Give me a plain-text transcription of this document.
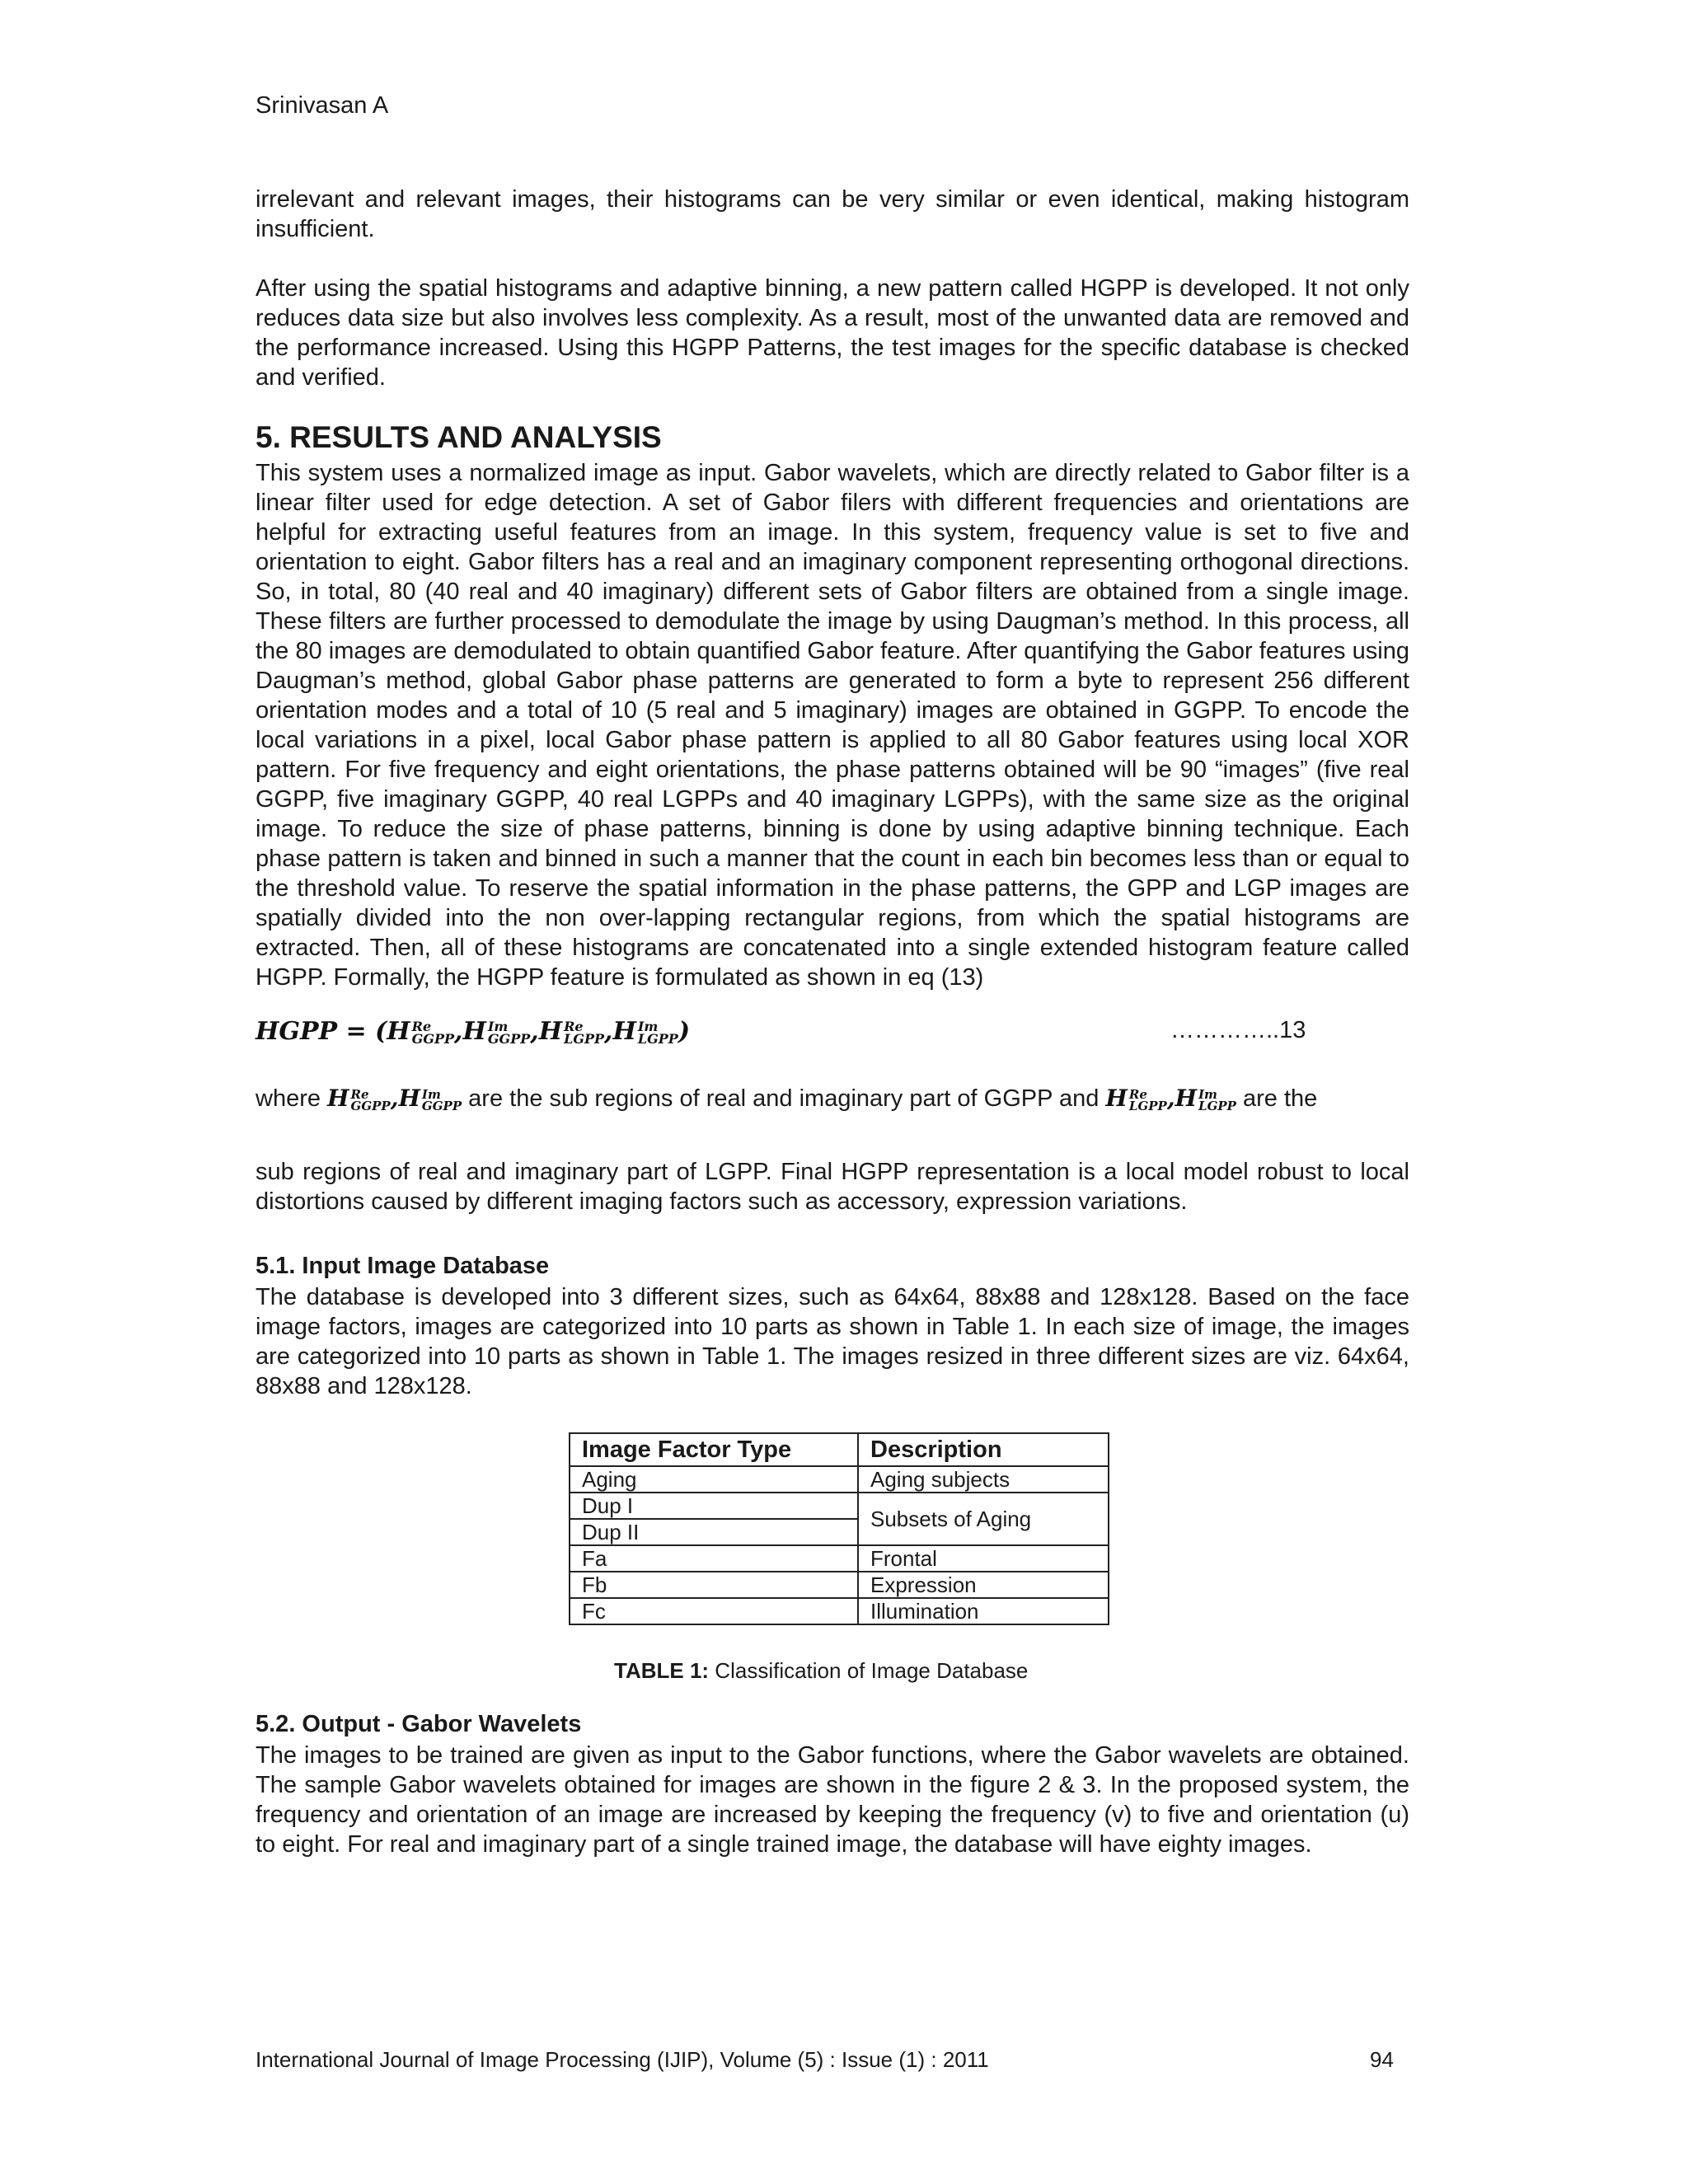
Srinivasan A

irrelevant and relevant images, their histograms can be very similar or even identical, making histogram insufficient.

After using the spatial histograms and adaptive binning, a new pattern called HGPP is developed. It not only reduces data size but also involves less complexity. As a result, most of the unwanted data are removed and the performance increased. Using this HGPP Patterns, the test images for the specific database is checked and verified.

5. RESULTS AND ANALYSIS

This system uses a normalized image as input. Gabor wavelets, which are directly related to Gabor filter is a linear filter used for edge detection. A set of Gabor filers with different frequencies and orientations are helpful for extracting useful features from an image. In this system, frequency value is set to five and orientation to eight. Gabor filters has a real and an imaginary component representing orthogonal directions. So, in total, 80 (40 real and 40 imaginary) different sets of Gabor filters are obtained from a single image. These filters are further processed to demodulate the image by using Daugman’s method. In this process, all the 80 images are demodulated to obtain quantified Gabor feature. After quantifying the Gabor features using Daugman’s method, global Gabor phase patterns are generated to form a byte to represent 256 different orientation modes and a total of 10 (5 real and 5 imaginary) images are obtained in GGPP. To encode the local variations in a pixel, local Gabor phase pattern is applied to all 80 Gabor features using local XOR pattern. For five frequency and eight orientations, the phase patterns obtained will be 90 “images” (five real GGPP, five imaginary GGPP, 40 real LGPPs and 40 imaginary LGPPs), with the same size as the original image. To reduce the size of phase patterns, binning is done by using adaptive binning technique. Each phase pattern is taken and binned in such a manner that the count in each bin becomes less than or equal to the threshold value. To reserve the spatial information in the phase patterns, the GPP and LGP images are spatially divided into the non over-lapping rectangular regions, from which the spatial histograms are extracted. Then, all of these histograms are concatenated into a single extended histogram feature called HGPP. Formally, the HGPP feature is formulated as shown in eq (13)

HGPP = (H Re
GGPP ,H Im
GGPP ,H Re
LGPP ,H Im
LGPP )	…………..13
where H Re
GGPP ,H Im
GGPP are the sub regions of real and imaginary part of GGPP and H Re
LGPP ,H Im
LGPP are the

sub regions of real and imaginary part of LGPP. Final HGPP representation is a local model robust to local distortions caused by different imaging factors such as accessory, expression variations.

5.1. Input Image Database

The database is developed into 3 different sizes, such as 64x64, 88x88 and 128x128. Based on the face image factors, images are categorized into 10 parts as shown in Table 1. In each size of image, the images are categorized into 10 parts as shown in Table 1. The images resized in three different sizes are viz. 64x64, 88x88 and 128x128.

Image Factor Type	Description
Aging	Aging subjects
Dup I	Subsets of Aging
Dup II	
Fa	Frontal
Fb	Expression
Fc	Illumination
TABLE 1: Classification of Image Database
5.2. Output - Gabor Wavelets

The images to be trained are given as input to the Gabor functions, where the Gabor wavelets are obtained. The sample Gabor wavelets obtained for images are shown in the figure 2 & 3. In the proposed system, the frequency and orientation of an image are increased by keeping the frequency (v) to five and orientation (u) to eight. For real and imaginary part of a single trained image, the database will have eighty images.

International Journal of Image Processing (IJIP), Volume (5) : Issue (1) : 2011	94
